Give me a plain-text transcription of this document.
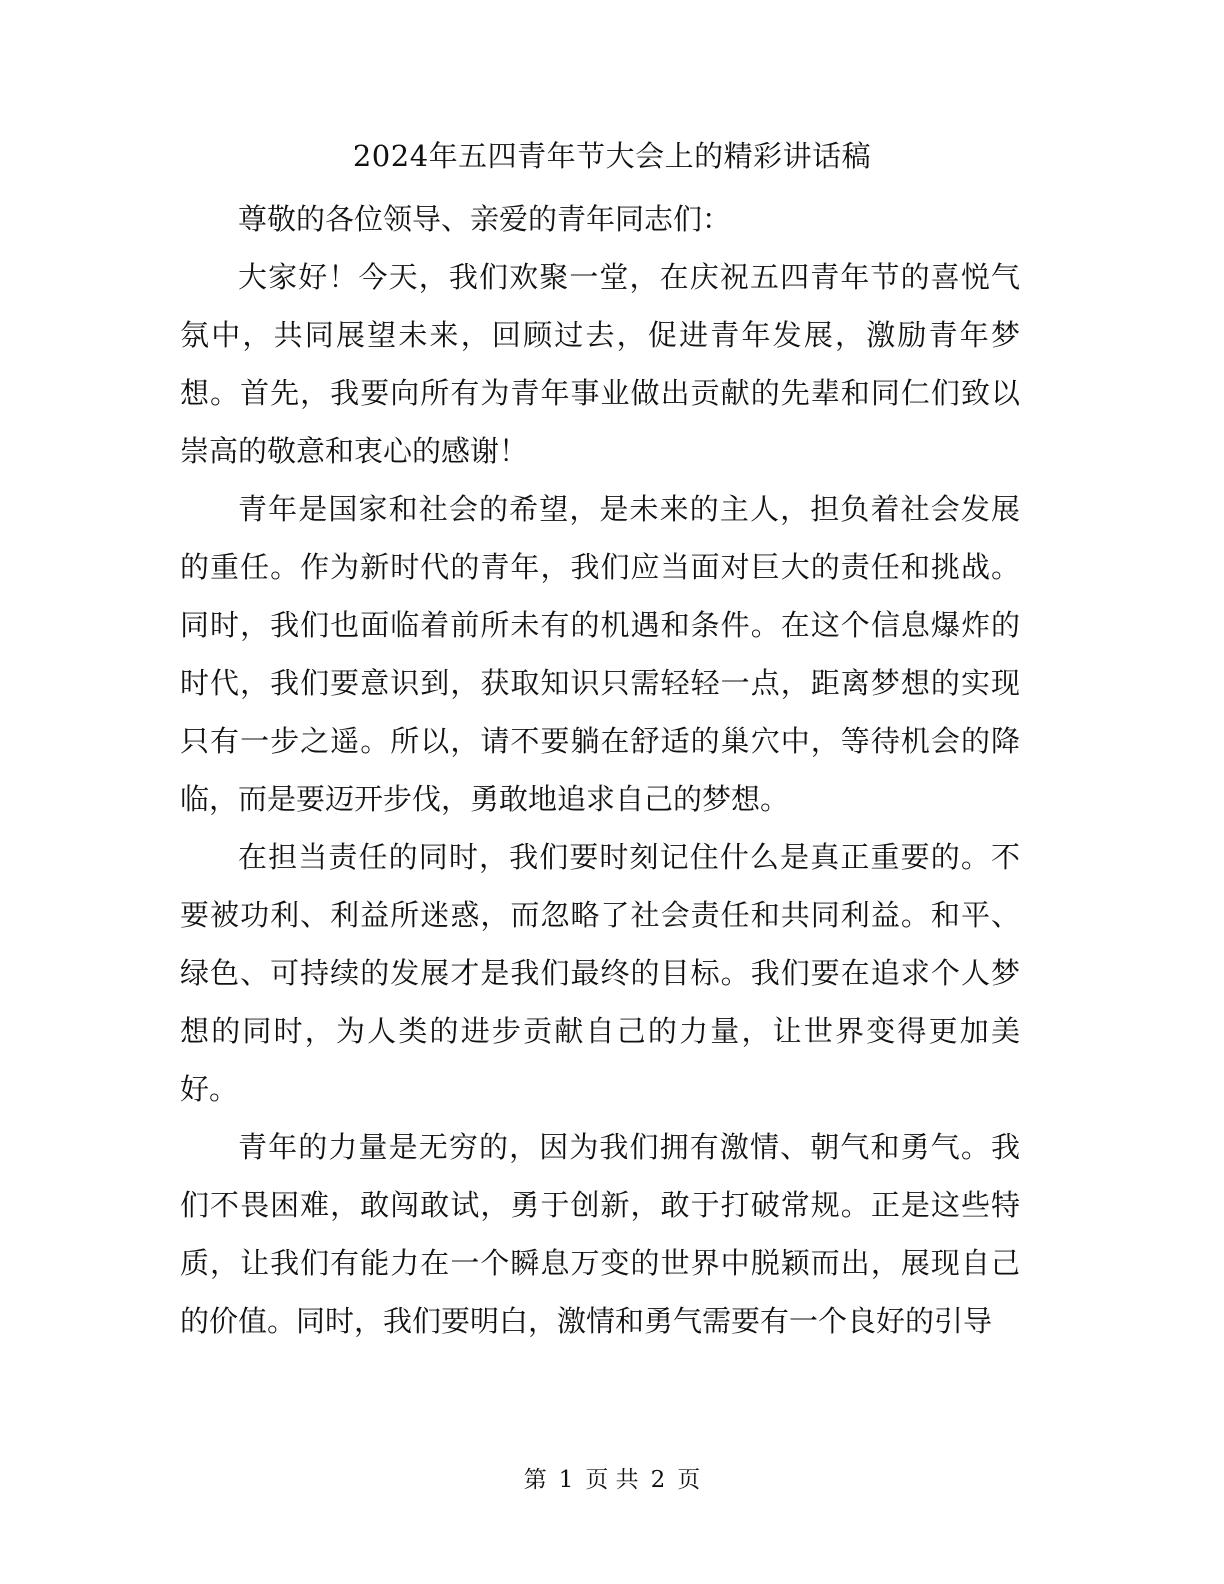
2024年五四青年节大会上的精彩讲话稿

尊敬的各位领导、亲爱的青年同志们：

大家好！今天，我们欢聚一堂，在庆祝五四青年节的喜悦气氛中，共同展望未来，回顾过去，促进青年发展，激励青年梦想。首先，我要向所有为青年事业做出贡献的先辈和同仁们致以崇高的敬意和衷心的感谢！

青年是国家和社会的希望，是未来的主人，担负着社会发展的重任。作为新时代的青年，我们应当面对巨大的责任和挑战。同时，我们也面临着前所未有的机遇和条件。在这个信息爆炸的时代，我们要意识到，获取知识只需轻轻一点，距离梦想的实现只有一步之遥。所以，请不要躺在舒适的巢穴中，等待机会的降临，而是要迈开步伐，勇敢地追求自己的梦想。

在担当责任的同时，我们要时刻记住什么是真正重要的。不要被功利、利益所迷惑，而忽略了社会责任和共同利益。和平、绿色、可持续的发展才是我们最终的目标。我们要在追求个人梦想的同时，为人类的进步贡献自己的力量，让世界变得更加美好。

青年的力量是无穷的，因为我们拥有激情、朝气和勇气。我们不畏困难，敢闯敢试，勇于创新，敢于打破常规。正是这些特质，让我们有能力在一个瞬息万变的世界中脱颖而出，展现自己的价值。同时，我们要明白，激情和勇气需要有一个良好的引导

第 1 页 共 2 页
